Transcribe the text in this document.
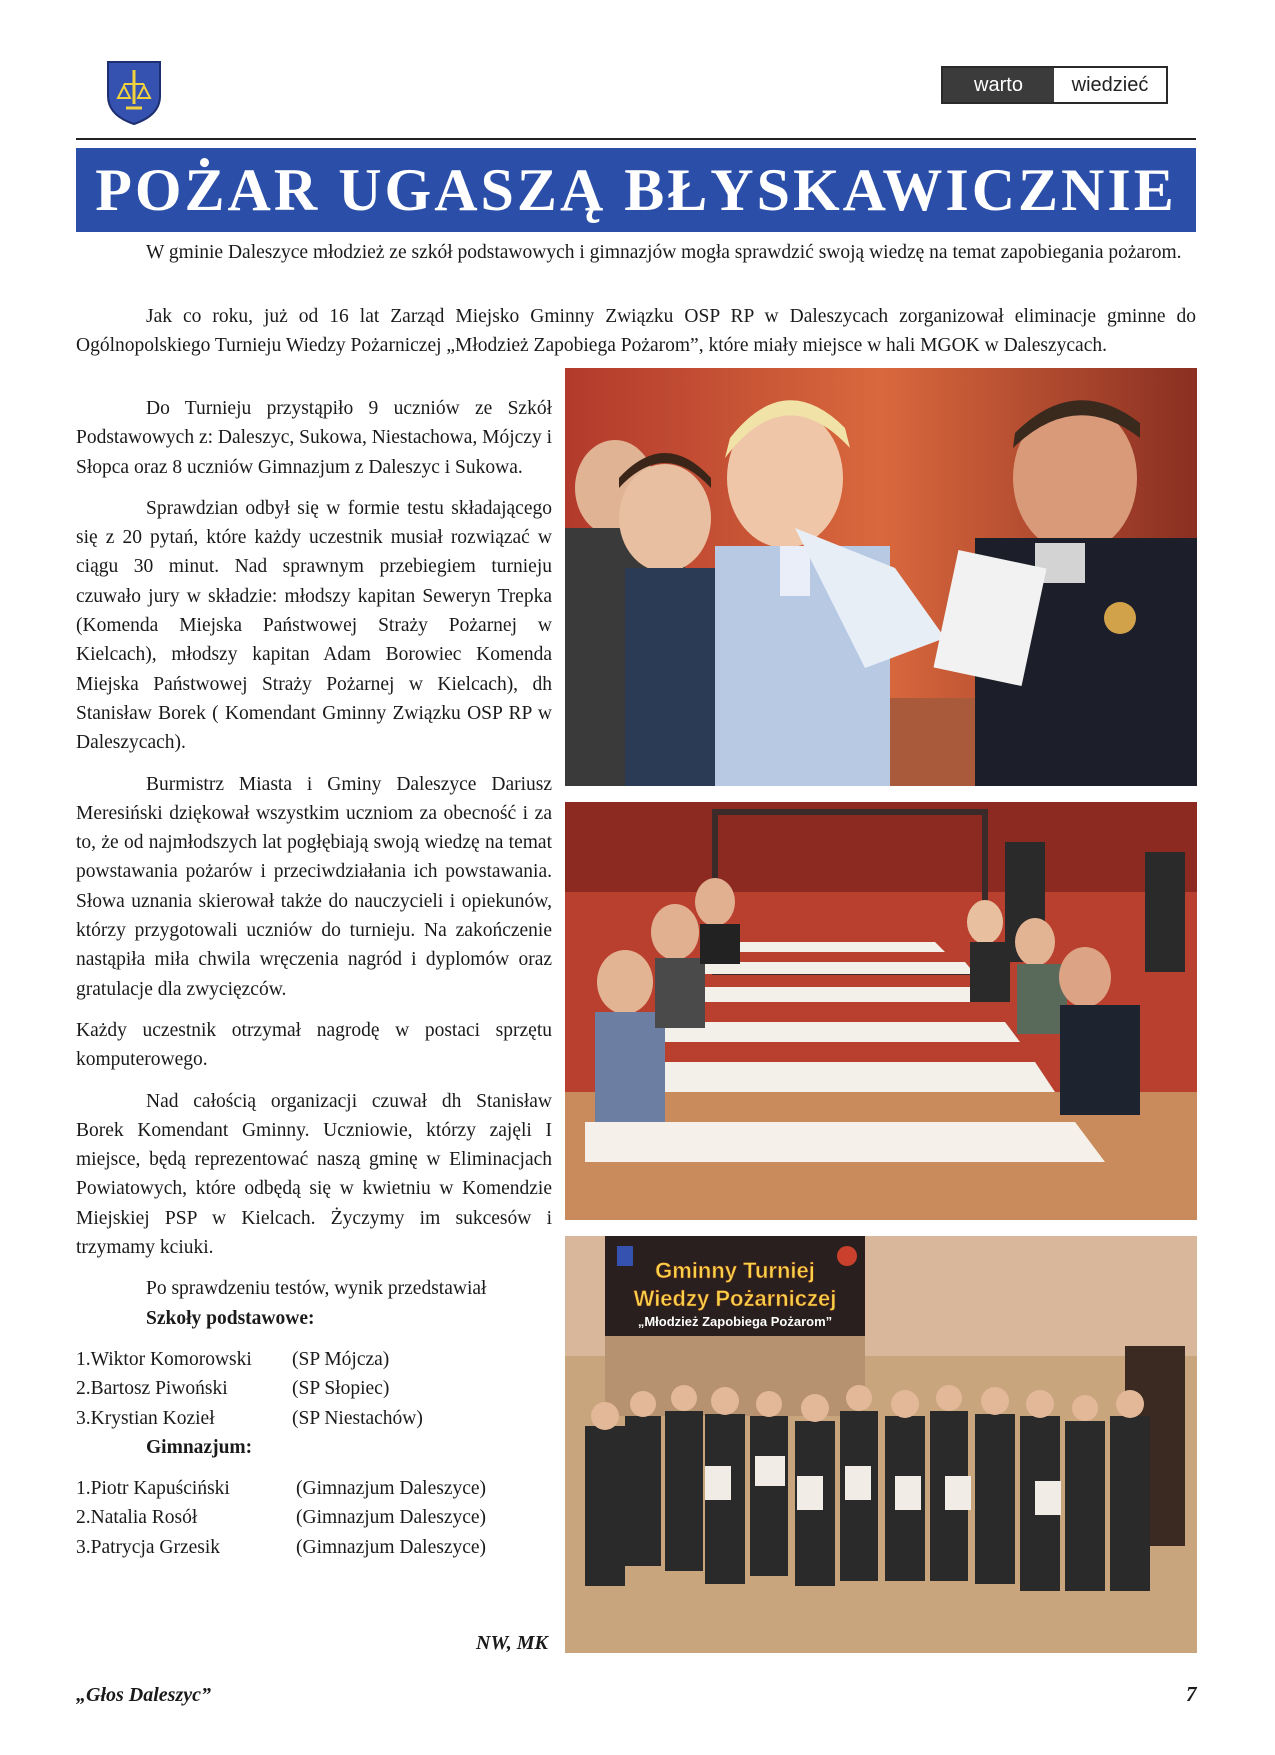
warto	wiedzieć
POŻAR UGASZĄ BŁYSKAWICZNIE

W gminie Daleszyce młodzież ze szkół podstawowych i gimnazjów mogła sprawdzić swoją wiedzę na temat zapobiegania pożarom.

Jak co roku, już od 16 lat Zarząd Miejsko Gminny Związku OSP RP w Daleszycach zorganizował eliminacje gminne do Ogólnopolskiego Turnieju Wiedzy Pożarniczej „Młodzież Zapobiega Pożarom”, które miały miejsce w hali MGOK w Daleszycach.

Do Turnieju przystąpiło 9 uczniów ze Szkół Podstawowych z: Daleszyc, Sukowa, Niestachowa, Mójczy i Słopca oraz 8 uczniów Gimnazjum z Daleszyc i Sukowa.

Sprawdzian odbył się w formie testu składającego się z 20 pytań, które każdy uczestnik musiał rozwiązać w ciągu 30 minut. Nad sprawnym przebiegiem turnieju czuwało jury w składzie: młodszy kapitan Seweryn Trepka (Komenda Miejska Państwowej Straży Pożarnej w Kielcach), młodszy kapitan Adam Borowiec Komenda Miejska Państwowej Straży Pożarnej w Kielcach), dh Stanisław Borek ( Komendant Gminny Związku OSP RP w Daleszycach).

Burmistrz Miasta i Gminy Daleszyce Dariusz Meresiński dziękował wszystkim uczniom za obecność i za to, że od najmłodszych lat pogłębiają swoją wiedzę na temat powstawania pożarów i przeciwdziałania ich powstawania. Słowa uznania skierował także do nauczycieli i opiekunów, którzy przygotowali uczniów do turnieju. Na zakończenie nastąpiła miła chwila wręczenia nagród i dyplomów oraz gratulacje dla zwycięzców.

Każdy uczestnik otrzymał nagrodę w postaci sprzętu komputerowego.

Nad całością organizacji czuwał dh Stanisław Borek Komendant Gminny. Uczniowie, którzy zajęli I miejsce, będą reprezentować naszą gminę w Eliminacjach Powiatowych, które odbędą się w kwietniu w Komendzie Miejskiej PSP w Kielcach. Życzymy im sukcesów i trzymamy kciuki.

Po sprawdzeniu testów, wynik przedstawiał

Szkoły podstawowe:

1.Wiktor Komorowski	(SP Mójcza)
2.Bartosz Piwoński	(SP Słopiec)
3.Krystian Kozieł	(SP Niestachów)

Gimnazjum:

1.Piotr Kapuściński	(Gimnazjum Daleszyce)
2.Natalia Rosół	(Gimnazjum Daleszyce)
3.Patrycja Grzesik	(Gimnazjum Daleszyce)
NW, MK
Gminny Turniej
Wiedzy Pożarniczej
„Młodzież Zapobiega Pożarom”
„Głos Daleszyc”	7
